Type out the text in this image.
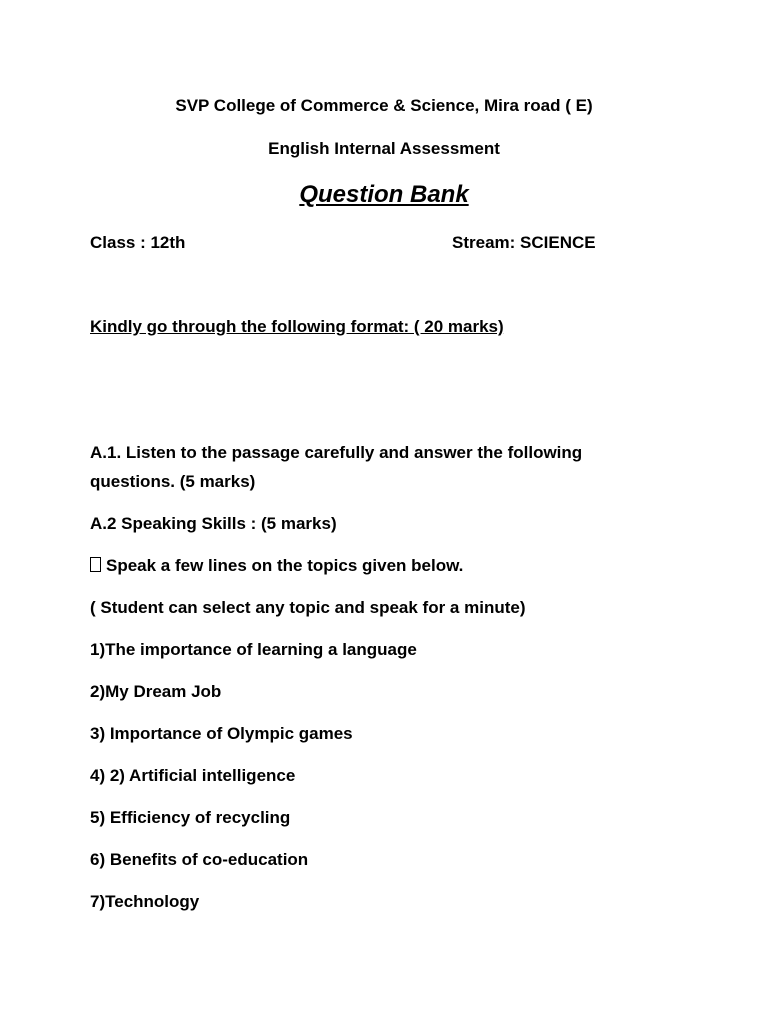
SVP College of Commerce & Science, Mira road ( E)
English Internal Assessment
Question Bank
Class : 12th	Stream: SCIENCE
Kindly go through the following format: ( 20 marks)
A.1. Listen to the passage carefully and answer the following questions. (5 marks)
A.2 Speaking Skills : (5 marks)
Speak a few lines on the topics given below.
( Student can select any topic and speak for a minute)
1)The importance of learning a language
2)My Dream Job
3) Importance of Olympic games
4) 2) Artificial intelligence
5) Efficiency of recycling
6) Benefits of co-education
7)Technology
